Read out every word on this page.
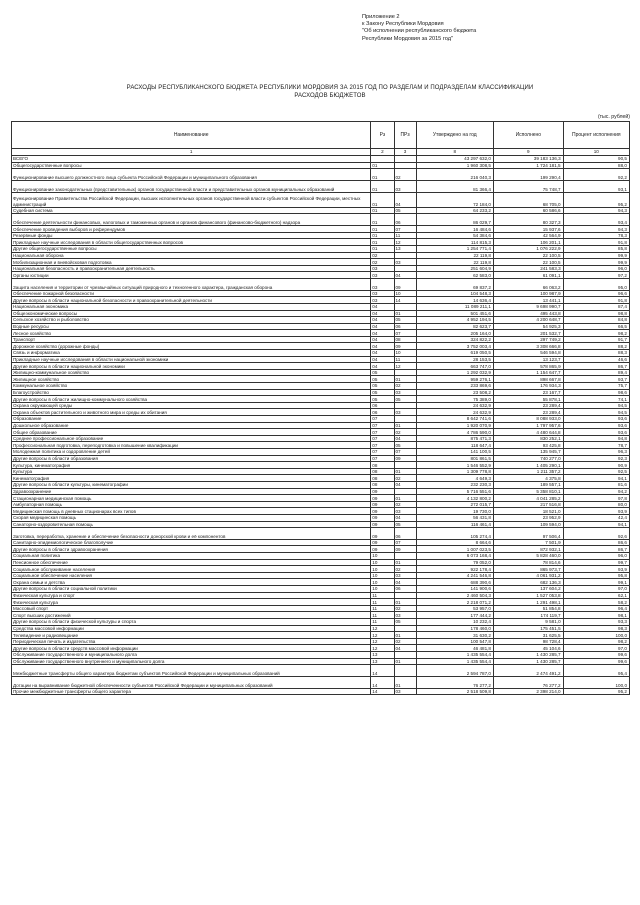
Приложение 2
к Закону Республики Мордовия
"Об исполнении республиканского бюджета
Республики Мордовия за 2015 год"
РАСХОДЫ РЕСПУБЛИКАНСКОГО БЮДЖЕТА РЕСПУБЛИКИ МОРДОВИЯ ЗА 2015 ГОД ПО РАЗДЕЛАМ И ПОДРАЗДЕЛАМ КЛАССИФИКАЦИИ
РАСХОДОВ БЮДЖЕТОВ
(тыс. рублей)
Наименование	Рз	ПРз	Утверждено на год	Исполнено	Процент исполнения
1	2	3	8	9	10
ВСЕГО			43 297 632,0	39 183 136,3	90,5
Общегосударственные вопросы	01		1 960 308,5	1 724 181,5	88,0
Функционирование высшего должностного лица субъекта Российской Федерации и муниципального образования	01	02	216 040,3	199 290,4	92,2
Функционирование законодательных (представительных) органов государственной власти и представительных органов муниципальных образований	01	03	81 366,4	75 748,7	93,1
Функционирование Правительства Российской Федерации, высших исполнительных органов государственной власти субъектов Российской Федерации, местных администраций	01	04	72 184,0	68 705,0	95,2
Судебная система	01	05	64 233,2	60 586,6	94,3
Обеспечение деятельности финансовых, налоговых и таможенных органов и органов финансового (финансово-бюджетного) надзора	01	06	86 029,7	80 327,3	93,4
Обеспечение проведения выборов и референдумов	01	07	16 484,6	15 937,6	94,3
Резервные фонды	01	11	54 384,6	42 564,9	78,3
Прикладные научные исследования в области общегосударственных вопросов	01	12	114 815,3	106 201,1	91,8
Другие общегосударственные вопросы	01	13	1 254 771,4	1 076 222,9	85,8
Национальная оборона	02		22 119,8	22 100,5	99,9
Мобилизационная и вневойсковая подготовка	02	03	22 119,8	22 100,5	99,9
Национальная безопасность и правоохранительная деятельность	03		251 604,9	241 583,3	96,0
Органы юстиции	03	04	62 583,0	61 091,1	97,2
Защита населения и территории от чрезвычайных ситуаций природного и техногенного характера, гражданская оборона	03	09	69 837,2	66 063,2	95,0
Обеспечение пожарной безопасности	03	10	104 548,3	100 987,9	96,6
Другие вопросы в области национальной безопасности и правоохранительной деятельности	03	14	14 636,4	13 441,1	91,8
Национальная экономика	04		11 089 211,1	9 698 990,7	87,4
Общеэкономические вопросы	04	01	501 451,6	495 443,8	98,8
Сельское хозяйство и рыболовство	04	05	4 952 194,5	4 200 648,7	84,8
Водные ресурсы	04	06	82 623,7	54 925,3	66,5
Лесное хозяйство	04	07	205 164,0	201 532,7	98,2
Транспорт	04	08	324 822,2	297 749,2	91,7
Дорожное хозяйство (дорожные фонды)	04	09	3 752 003,4	3 308 666,8	88,2
Связь и информатика	04	10	619 050,5	546 594,8	88,3
Прикладные научные исследования в области национальной экономики	04	11	28 153,5	13 123,7	46,6
Другие вопросы в области национальной экономики	04	12	663 747,0	578 865,9	86,7
Жилищно-коммунальное хозяйство	05		1 292 032,9	1 154 647,7	89,4
Жилищное хозяйство	05	01	959 276,1	898 667,8	93,7
Коммунальное хозяйство	05	02	233 869,6	176 934,3	75,7
Благоустройство	05	03	23 508,2	23 167,7	98,6
Другие вопросы в области жилищно-коммунального хозяйства	05	05	75 389,0	55 878,1	74,1
Охрана окружающей среды	06		24 632,9	23 289,4	94,5
Охрана объектов растительного и животного мира и среды их обитания	06	03	24 632,9	23 289,4	94,5
Образование	07		8 642 741,6	8 088 933,0	93,6
Дошкольное образование	07	01	1 920 070,9	1 797 957,6	93,6
Общее образование	07	02	4 786 590,0	4 480 644,8	93,6
Среднее профессиональное образование	07	04	875 471,3	830 252,1	94,8
Профессиональная подготовка, переподготовка и повышение квалификации	07	05	118 647,4	93 425,8	78,7
Молодежная политика и оздоровление детей	07	07	141 100,5	135 945,7	96,3
Другие вопросы в области образования	07	09	801 861,5	740 277,0	92,3
Культура, кинематография	08		1 546 552,9	1 405 290,1	90,9
Культура	08	01	1 309 778,8	1 211 357,2	92,5
Кинематография	08	02	4 649,3	4 375,8	94,1
Другие вопросы в области культуры, кинематографии	08	04	232 230,3	189 557,1	81,6
Здравоохранение	09		5 716 551,6	5 358 810,1	94,2
Стационарная медицинская помощь	09	01	4 132 800,2	4 041 285,2	97,8
Амбулаторная помощь	09	02	272 015,7	217 516,8	80,0
Медицинская помощь в дневных стационарах всех типов	09	03	19 730,0	18 521,0	93,9
Скорая медицинская помощь	09	04	56 431,8	23 952,9	42,4
Санаторно-оздоровительная помощь	09	05	116 461,4	109 594,0	94,1
Заготовка, переработка, хранение и обеспечение безопасности донорской крови и её компонентов	09	06	105 274,4	97 506,4	92,6
Санитарно-эпидемиологическое благополучие	09	07	8 664,6	7 501,9	86,6
Другие вопросы в области здравоохранения	09	09	1 007 023,5	872 932,1	86,7
Социальная политика	10		6 073 168,4	5 828 460,0	96,0
Пенсионное обеспечение	10	01	79 052,0	78 814,6	99,7
Социальное обслуживание населения	10	02	922 178,4	865 973,7	93,9
Социальное обеспечение населения	10	03	4 241 546,8	4 061 931,2	95,8
Охрана семьи и детства	10	04	688 390,6	682 136,3	99,1
Другие вопросы в области социальной политики	10	06	141 900,6	137 604,2	97,0
Физическая культура и спорт	11		2 460 504,3	1 527 053,8	62,1
Физическая культура	11	01	2 218 071,2	1 291 498,1	58,2
Массовый спорт	11	02	53 957,0	51 854,8	96,4
Спорт высших достижений	11	03	177 444,2	174 119,7	98,1
Другие вопросы в области физической культуры и спорта	11	05	10 232,4	9 581,0	93,3
Средства массовой информации	12		178 460,0	175 451,5	98,3
Телевидение и радиовещание	12	01	31 630,2	31 625,5	100,0
Периодическая печать и издательства	12	02	100 547,8	98 728,4	98,2
Другие вопросы в области средств массовой информации	12	04	46 481,8	45 104,6	97,0
Обслуживание государственного и муниципального долга	13		1 435 554,4	1 430 285,7	99,6
Обслуживание государственного внутреннего и муниципального долга	13	01	1 435 554,4	1 430 285,7	99,6
Межбюджетные трансферты общего характера бюджетам субъектов Российской Федерации и муниципальных образований	14		2 594 787,0	2 474 491,2	95,4
Дотации на выравнивание бюджетной обеспеченности субъектов Российской Федерации и муниципальных образований	14	01	76 277,2	76 277,2	100,0
Прочие межбюджетные трансферты общего характера	14	03	2 518 509,8	2 398 214,0	95,2
